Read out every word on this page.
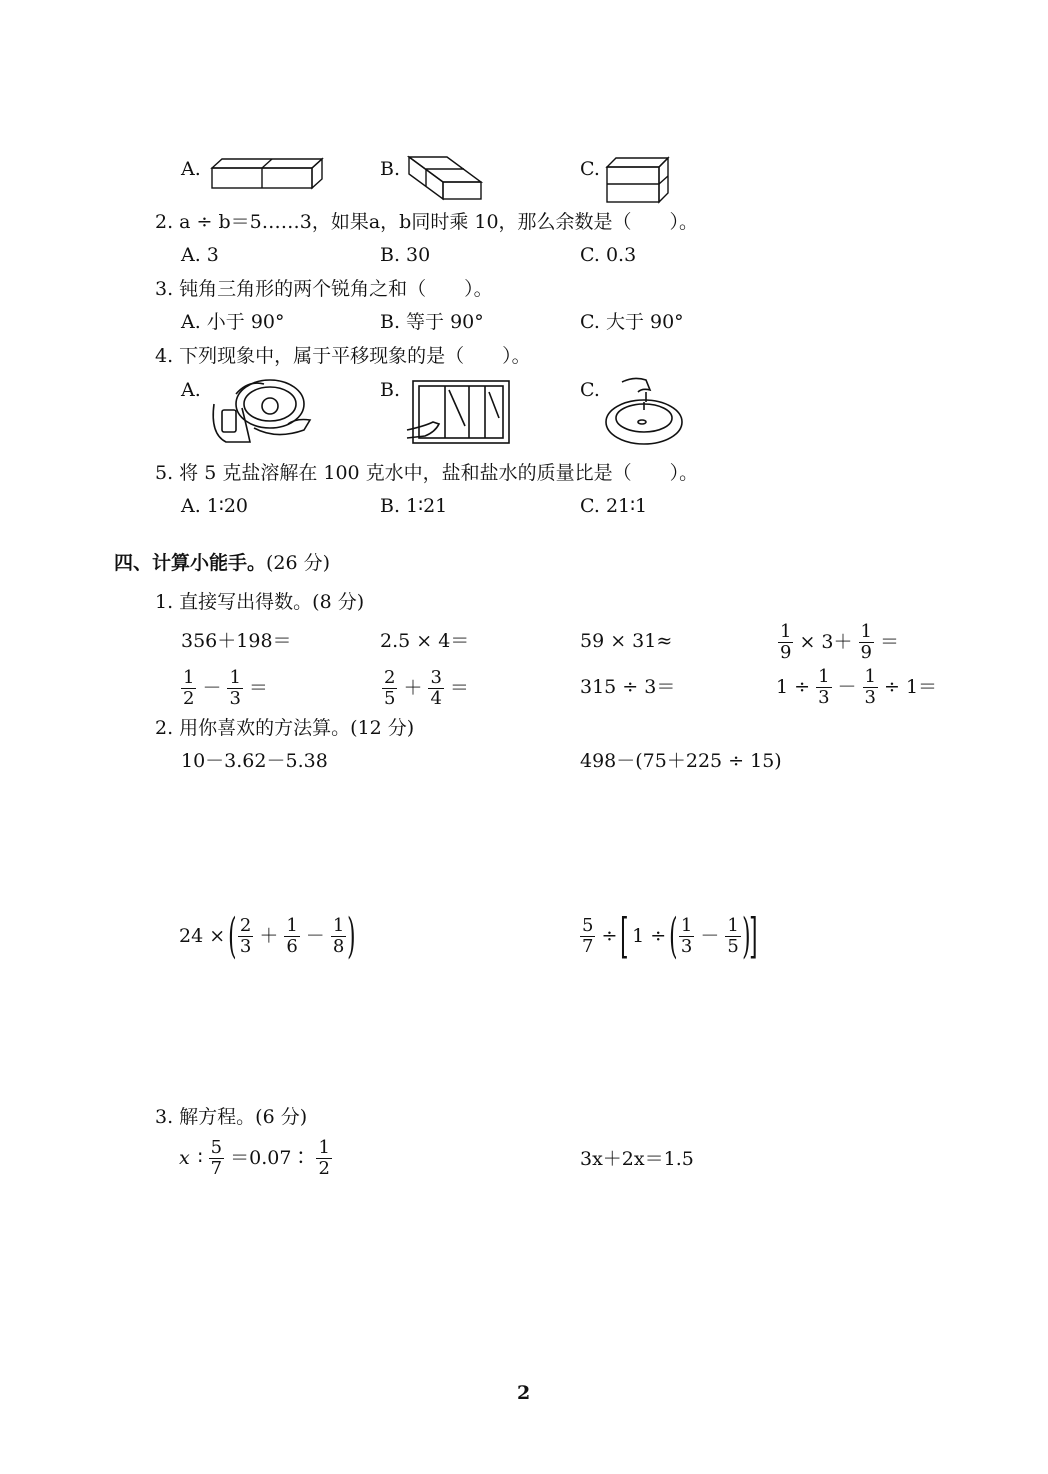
A.	B.	C.
2. a ÷ b＝5……3，如果a，b同时乘 10，那么余数是（　　）。
A. 3	B. 30	C. 0.3
3. 钝角三角形的两个锐角之和（　　）。
A. 小于 90°	B. 等于 90°	C. 大于 90°
4. 下列现象中，属于平移现象的是（　　）。
A.	B.	C.
5. 将 5 克盐溶解在 100 克水中，盐和盐水的质量比是（　　）。
A. 1∶20	B. 1∶21	C. 21∶1
四、计算小能手。(26 分)
1. 直接写出得数。(8 分)
356＋198＝	2.5 × 4＝	59 × 31≈	$\frac{1}{9} \times 3+ \frac{1}{9}$ ＝
$\frac{1}{2} - \frac{1}{3}$ ＝	$\frac{2}{5} + \frac{3}{4}$ ＝	315 ÷ 3＝	$1 \div \frac{1}{3} - \frac{1}{3} \div 1=$
2. 用你喜欢的方法算。(12 分)
10－3.62－5.38	498－(75＋225 ÷ 15)
24 × ( $\frac{2}{3} + \frac{1}{6} - \frac{1}{8}$ )	$\frac{5}{7}$ ÷ [ 1 ÷ ( $\frac{1}{3} - \frac{1}{5}$ )
]
3. 解方程。(6 分)
x ∶ $\frac{5}{7}$ ＝0.07∶ $\frac{1}{2}$	3x＋2x＝1.5
2
